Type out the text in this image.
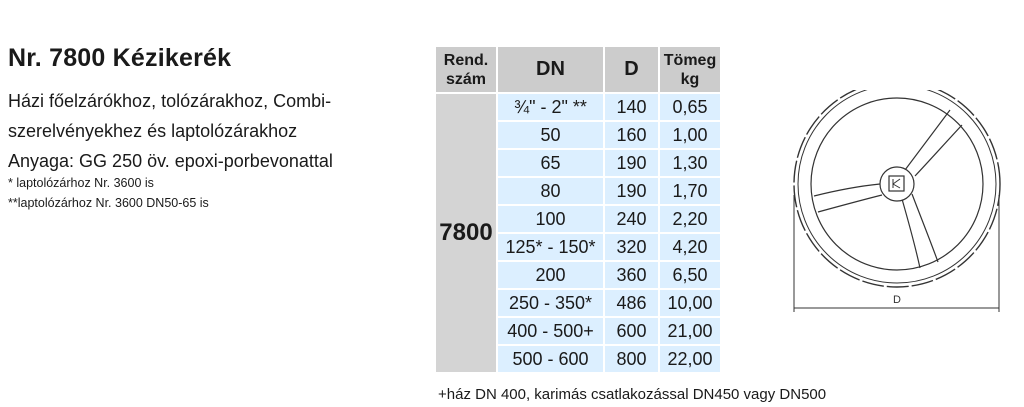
Nr. 7800 Kézikerék
Házi főelzárókhoz, tolózárakhoz, Combi-
szerelvényekhez és laptolózárakhoz
Anyaga: GG 250 öv. epoxi-porbevonattal
* laptolózárhoz Nr. 3600 is
**laptolózárhoz Nr. 3600 DN50-65 is
Rend.
szám	DN	D	Tömeg
kg
7800	¾" - 2" **	140	0,65
	50	160	1,00
	65	190	1,30
	80	190	1,70
	100	240	2,20
	125* - 150*	320	4,20
	200	360	6,50
	250 - 350*	486	10,00
	400 - 500+	600	21,00
	500 - 600	800	22,00
D
+ház DN 400, karimás csatlakozással DN450 vagy DN500
